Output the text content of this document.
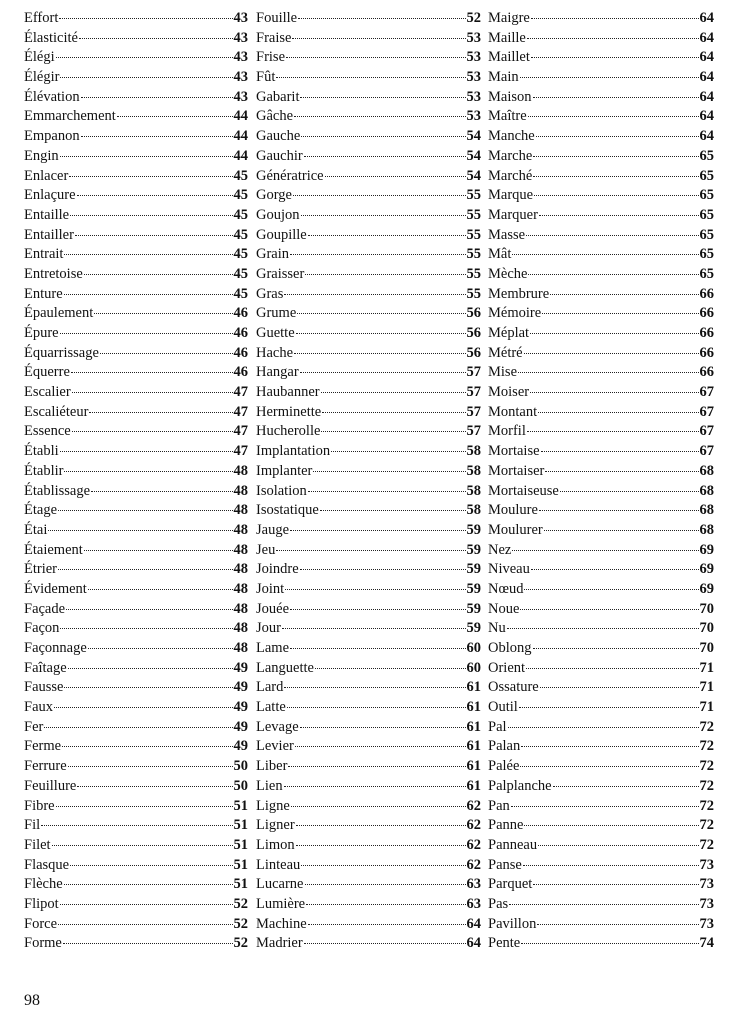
Effort	43
Élasticité	43
Élégi	43
Élégir	43
Élévation	43
Emmarchement	44
Empanon	44
Engin	44
Enlacer	45
Enlaçure	45
Entaille	45
Entailler	45
Entrait	45
Entretoise	45
Enture	45
Épaulement	46
Épure	46
Équarrissage	46
Équerre	46
Escalier	47
Escaliéteur	47
Essence	47
Établi	47
Établir	48
Établissage	48
Étage	48
Étai	48
Étaiement	48
Étrier	48
Évidement	48
Façade	48
Façon	48
Façonnage	48
Faîtage	49
Fausse	49
Faux	49
Fer	49
Ferme	49
Ferrure	50
Feuillure	50
Fibre	51
Fil	51
Filet	51
Flasque	51
Flèche	51
Flipot	52
Force	52
Forme	52
Fouille	52
Fraise	53
Frise	53
Fût	53
Gabarit	53
Gâche	53
Gauche	54
Gauchir	54
Génératrice	54
Gorge	55
Goujon	55
Goupille	55
Grain	55
Graisser	55
Gras	55
Grume	56
Guette	56
Hache	56
Hangar	57
Haubanner	57
Herminette	57
Hucherolle	57
Implantation	58
Implanter	58
Isolation	58
Isostatique	58
Jauge	59
Jeu	59
Joindre	59
Joint	59
Jouée	59
Jour	59
Lame	60
Languette	60
Lard	61
Latte	61
Levage	61
Levier	61
Liber	61
Lien	61
Ligne	62
Ligner	62
Limon	62
Linteau	62
Lucarne	63
Lumière	63
Machine	64
Madrier	64
Maigre	64
Maille	64
Maillet	64
Main	64
Maison	64
Maître	64
Manche	64
Marche	65
Marché	65
Marque	65
Marquer	65
Masse	65
Mât	65
Mèche	65
Membrure	66
Mémoire	66
Méplat	66
Métré	66
Mise	66
Moiser	67
Montant	67
Morfil	67
Mortaise	67
Mortaiser	68
Mortaiseuse	68
Moulure	68
Moulurer	68
Nez	69
Niveau	69
Nœud	69
Noue	70
Nu	70
Oblong	70
Orient	71
Ossature	71
Outil	71
Pal	72
Palan	72
Palée	72
Palplanche	72
Pan	72
Panne	72
Panneau	72
Panse	73
Parquet	73
Pas	73
Pavillon	73
Pente	74
98
